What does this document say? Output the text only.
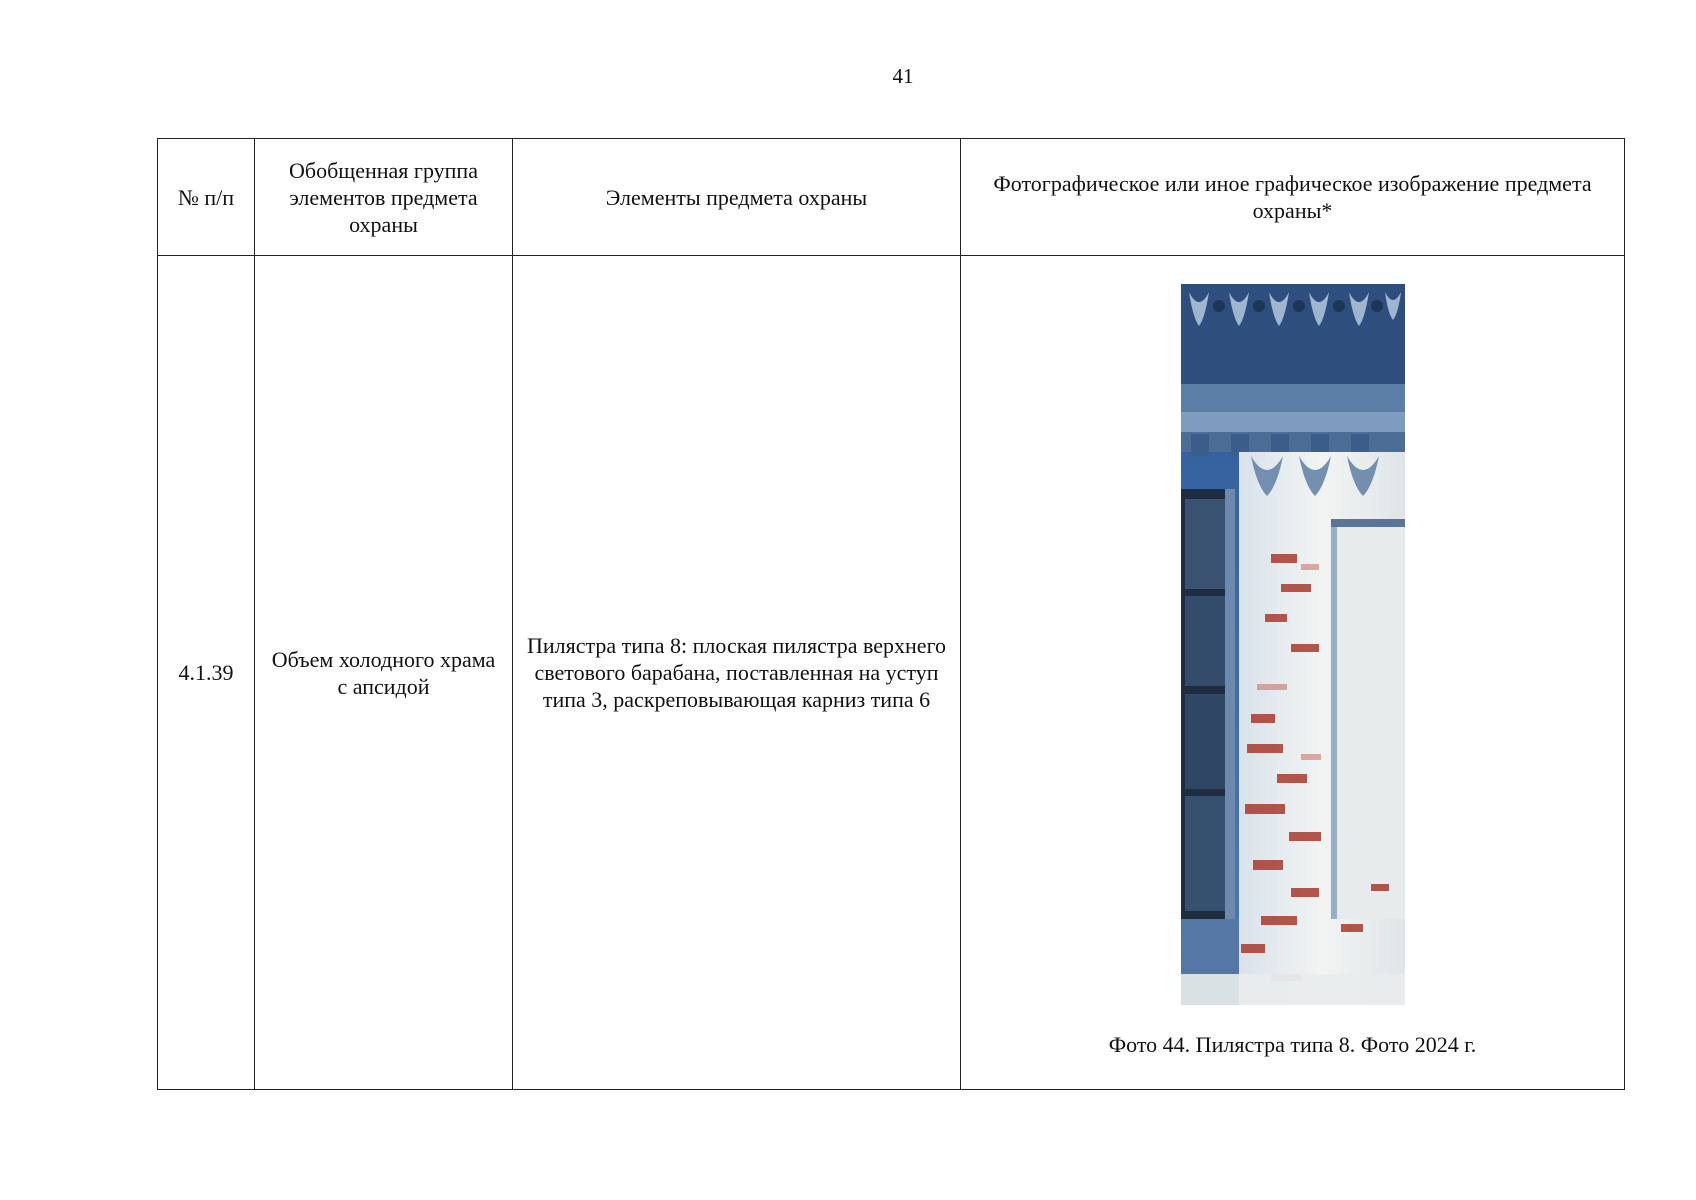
41
№ п/п	Обобщенная группа элементов предмета охраны	Элементы предмета охраны	Фотографическое или иное графическое изображение предмета охраны*
4.1.39	Объем холодного храма с апсидой	Пилястра типа 8: плоская пилястра верхнего светового барабана, поставленная на уступ типа 3, раскреповывающая карниз типа 6	Фото 44. Пилястра типа 8. Фото 2024 г.
